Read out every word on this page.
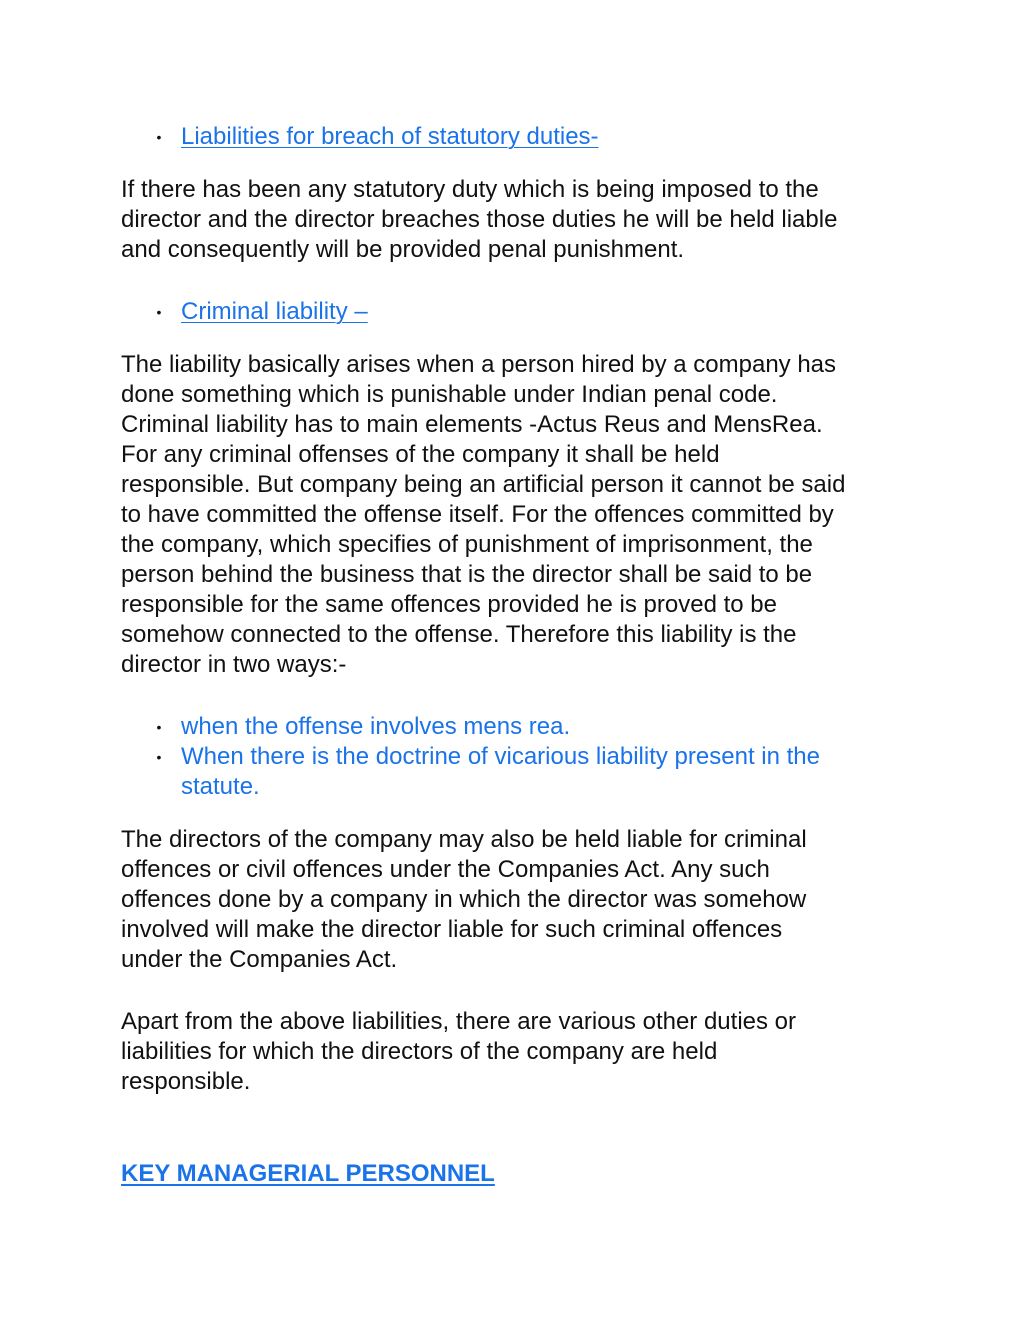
• Liabilities for breach of statutory duties-

If there has been any statutory duty which is being imposed to the
director and the director breaches those duties he will be held liable
and consequently will be provided penal punishment.

• Criminal liability –

The liability basically arises when a person hired by a company has
done something which is punishable under Indian penal code.
Criminal liability has to main elements -Actus Reus and MensRea.
For any criminal offenses of the company it shall be held
responsible. But company being an artificial person it cannot be said
to have committed the offense itself. For the offences committed by
the company, which specifies of punishment of imprisonment, the
person behind the business that is the director shall be said to be
responsible for the same offences provided he is proved to be
somehow connected to the offense. Therefore this liability is the
director in two ways:-

• when the offense involves mens rea.
• When there is the doctrine of vicarious liability present in the
statute.

The directors of the company may also be held liable for criminal
offences or civil offences under the Companies Act. Any such
offences done by a company in which the director was somehow
involved will make the director liable for such criminal offences
under the Companies Act.

Apart from the above liabilities, there are various other duties or
liabilities for which the directors of the company are held
responsible.

KEY MANAGERIAL PERSONNEL
